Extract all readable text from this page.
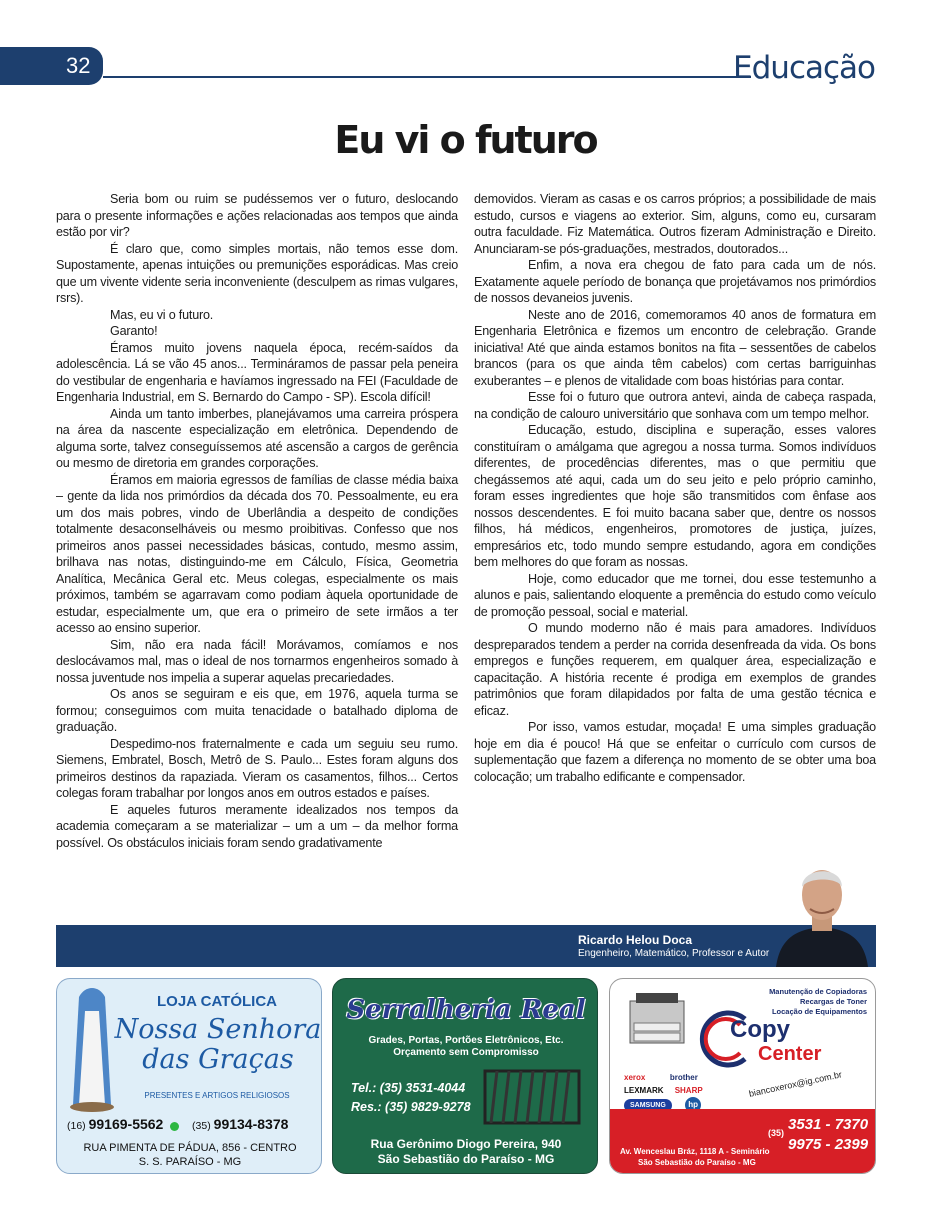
32	Educação
Eu vi o futuro

Seria bom ou ruim se pudéssemos ver o futuro, deslocando para o presente informações e ações relacionadas aos tempos que ainda estão por vir?

É claro que, como simples mortais, não temos esse dom. Supostamente, apenas intuições ou premunições esporádicas. Mas creio que um vivente vidente seria inconveniente (desculpem as rimas vulgares, rsrs).

Mas, eu vi o futuro.

Garanto!

Éramos muito jovens naquela época, recém-saídos da adolescência. Lá se vão 45 anos... Termináramos de passar pela peneira do vestibular de engenharia e havíamos ingressado na FEI (Faculdade de Engenharia Industrial, em S. Bernardo do Campo - SP). Escola difícil!

Ainda um tanto imberbes, planejávamos uma carreira próspera na área da nascente especialização em eletrônica. Dependendo de alguma sorte, talvez conseguíssemos até ascensão a cargos de gerência ou mesmo de diretoria em grandes corporações.

Éramos em maioria egressos de famílias de classe média baixa – gente da lida nos primórdios da década dos 70. Pessoalmente, eu era um dos mais pobres, vindo de Uberlândia a despeito de condições totalmente desaconselháveis ou mesmo proibitivas. Confesso que nos primeiros anos passei necessidades básicas, contudo, mesmo assim, brilhava nas notas, distinguindo-me em Cálculo, Física, Geometria Analítica, Mecânica Geral etc. Meus colegas, especialmente os mais próximos, também se agarravam como podiam àquela oportunidade de estudar, especialmente um, que era o primeiro de sete irmãos a ter acesso ao ensino superior.

Sim, não era nada fácil! Morávamos, comíamos e nos deslocávamos mal, mas o ideal de nos tornarmos engenheiros somado à nossa juventude nos impelia a superar aquelas precariedades.

Os anos se seguiram e eis que, em 1976, aquela turma se formou; conseguimos com muita tenacidade o batalhado diploma de graduação.

Despedimo-nos fraternalmente e cada um seguiu seu rumo. Siemens, Embratel, Bosch, Metrô de S. Paulo... Estes foram alguns dos primeiros destinos da rapaziada. Vieram os casamentos, filhos... Certos colegas foram trabalhar por longos anos em outros estados e países.

E aqueles futuros meramente idealizados nos tempos da academia começaram a se materializar – um a um – da melhor forma possível. Os obstáculos iniciais foram sendo gradativamente

demovidos. Vieram as casas e os carros próprios; a possibilidade de mais estudo, cursos e viagens ao exterior. Sim, alguns, como eu, cursaram outra faculdade. Fiz Matemática. Outros fizeram Administração e Direito. Anunciaram-se pós-graduações, mestrados, doutorados...

Enfim, a nova era chegou de fato para cada um de nós. Exatamente aquele período de bonança que projetávamos nos primórdios de nossos devaneios juvenis.

Neste ano de 2016, comemoramos 40 anos de formatura em Engenharia Eletrônica e fizemos um encontro de celebração. Grande iniciativa! Até que ainda estamos bonitos na fita – sessentões de cabelos brancos (para os que ainda têm cabelos) com certas barriguinhas exuberantes – e plenos de vitalidade com boas histórias para contar.

Esse foi o futuro que outrora antevi, ainda de cabeça raspada, na condição de calouro universitário que sonhava com um tempo melhor.

Educação, estudo, disciplina e superação, esses valores constituíram o amálgama que agregou a nossa turma. Somos indivíduos diferentes, de procedências diferentes, mas o que permitiu que chegássemos até aqui, cada um do seu jeito e pelo próprio caminho, foram esses ingredientes que hoje são transmitidos com ênfase aos nossos descendentes. E foi muito bacana saber que, dentre os nossos filhos, há médicos, engenheiros, promotores de justiça, juízes, empresários etc, todo mundo sempre estudando, agora em condições bem melhores do que foram as nossas.

Hoje, como educador que me tornei, dou esse testemunho a alunos e pais, salientando eloquente a premência do estudo como veículo de promoção pessoal, social e material.

O mundo moderno não é mais para amadores. Indivíduos despreparados tendem a perder na corrida desenfreada da vida. Os bons empregos e funções requerem, em qualquer área, especialização e capacitação. A história recente é prodiga em exemplos de grandes patrimônios que foram dilapidados por falta de uma gestão técnica e eficaz.

Por isso, vamos estudar, moçada! E uma simples graduação hoje em dia é pouco! Há que se enfeitar o currículo com cursos de suplementação que fazem a diferença no momento de se obter uma boa colocação; um trabalho edificante e compensador.

Ricardo Helou Doca
Engenheiro, Matemático, Professor e Autor
LOJA CATÓLICA
Nossa Senhora
das Graças
PRESENTES E ARTIGOS RELIGIOSOS
(16) 99169-5562	(35) 99134-8378
RUA PIMENTA DE PÁDUA, 856 - CENTRO
S. S. PARAÍSO - MG
Serralheria Real
Grades, Portas, Portões Eletrônicos, Etc.
Orçamento sem Compromisso
Tel.: (35) 3531-4044
Res.: (35) 9829-9278
Rua Gerônimo Diogo Pereira, 940
São Sebastião do Paraíso - MG
Manutenção de Copiadoras
Recargas de Toner
Locação de Equipamentos
Copy
Center
xerox	brother
LEXMARK SHARP
SAMSUNG	hp
biancoxerox@ig.com.br
(35) 3531 - 7370
9975 - 2399
Av. Wenceslau Bráz, 1118 A - Seminário
São Sebastião do Paraíso - MG
